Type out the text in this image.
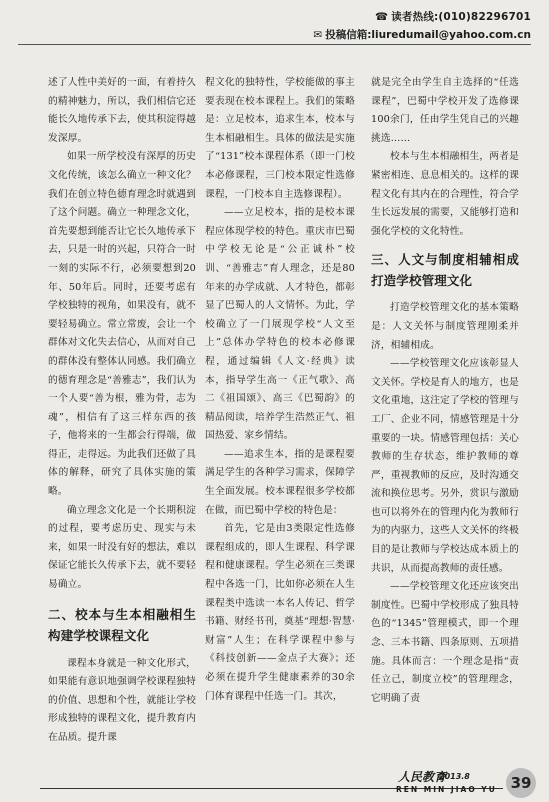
☎ 读者热线:(010)82296701
✉ 投稿信箱:liuredumail@yahoo.com.cn

述了人性中美好的一面，有着持久的精神魅力，所以，我们相信它还能长久地传承下去，使其积淀得越发深厚。

如果一所学校没有深厚的历史文化传统，该怎么确立一种文化？我们在创立特色德育理念时就遇到了这个问题。确立一种理念文化，首先要想到能否让它长久地传承下去，只是一时的兴起，只符合一时一刻的实际不行，必须要想到20年、50年后。同时，还要考虑有学校独特的视角，如果没有，就不要轻易确立。常立常废，会让一个群体对文化失去信心，从而对自己的群体没有整体认同感。我们确立的德育理念是“善雅志”，我们认为一个人要“善为根，雅为骨，志为魂”，相信有了这三样东西的孩子，他将来的一生都会行得端，做得正，走得远。为此我们还做了具体的解释，研究了具体实施的策略。

确立理念文化是一个长期积淀的过程，要考虑历史、现实与未来，如果一时没有好的想法，难以保证它能长久传承下去，就不要轻易确立。

二、校本与生本相融相生构建学校课程文化

课程本身就是一种文化形式，如果能有意识地强调学校课程独特的价值、思想和个性，就能让学校形成独特的课程文化，提升教育内在品质。提升课

程文化的独特性，学校能做的事主要表现在校本课程上。我们的策略是：立足校本，追求生本，校本与生本相融相生。具体的做法是实施了“131”校本课程体系（即一门校本必修课程，三门校本限定性选修课程，一门校本自主选修课程）。

——立足校本，指的是校本课程应体现学校的特色。重庆市巴蜀中学校无论是“公正诚朴”校训、“善雅志”育人理念，还是80年来的办学成就、人才特色，都彰显了巴蜀人的人文情怀。为此，学校确立了一门展现学校“人文至上”总体办学特色的校本必修课程，通过编辑《人文·经典》读本，指导学生高一《正气歌》、高二《祖国颂》、高三《巴蜀韵》的精品阅读，培养学生浩然正气、祖国热爱、家乡情结。

——追求生本，指的是课程要满足学生的各种学习需求，保障学生全面发展。校本课程很多学校都在做，而巴蜀中学校的特色是：

首先，它是由3类限定性选修课程组成的，即人生课程、科学课程和健康课程。学生必须在三类课程中各选一门，比如你必须在人生课程类中选读一本名人传记、哲学书籍、财经书刊，奠基“理想·智慧·财富”人生；在科学课程中参与《科技创新——金点子大赛》；还必须在提升学生健康素养的30余门体育课程中任选一门。其次，

就是完全由学生自主选择的“任选课程”，巴蜀中学校开发了选修课100余门，任由学生凭自己的兴趣挑选……

校本与生本相融相生，两者是紧密相连、息息相关的。这样的课程文化有其内在的合理性，符合学生长远发展的需要，又能够打造和强化学校的文化特性。

三、人文与制度相辅相成打造学校管理文化

打造学校管理文化的基本策略是：人文关怀与制度管理刚柔并济，相辅相成。

——学校管理文化应该彰显人文关怀。学校是育人的地方，也是文化重地，这注定了学校的管理与工厂、企业不同，情感管理是十分重要的一块。情感管理包括：关心教师的生存状态，维护教师的尊严，重视教师的反应，及时沟通交流和换位思考。另外，赏识与激励也可以将外在的管理内化为教师行为的内驱力，这些人文关怀的终极目的是让教师与学校达成本质上的共识，从而提高教师的责任感。

——学校管理文化还应该突出制度性。巴蜀中学校形成了独具特色的“1345”管理模式，即一个理念、三本书籍、四条原则、五项措施。具体而言：一个理念是指“责任立己，制度立校”的管理理念，它明确了责

人民教育
2013.8
REN MIN JIAO YU 39
